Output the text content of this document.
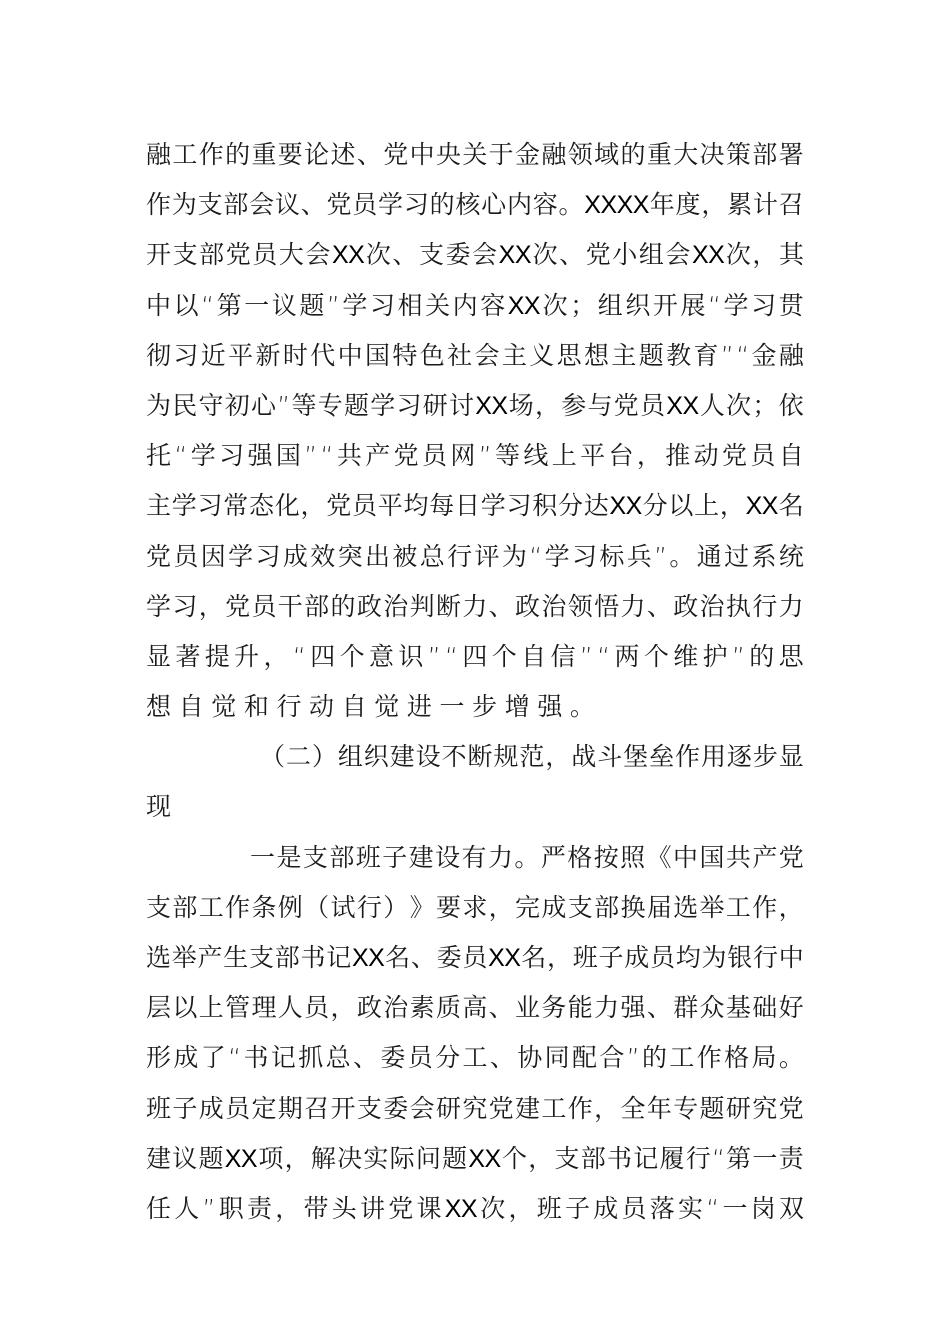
融 工 作 的 重 要 论 述 、 党 中 央 关 于 金 融 领 域 的 重 大 决 策 部 署
作 为 支 部 会 议 、 党 员 学 习 的 核 心 内 容 。 XXXX 年 度 ， 累 计 召
开 支 部 党 员 大 会 XX 次 、 支 委 会 XX 次 、 党 小 组 会 XX 次 ， 其
中 以 “ 第 一 议 题 ” 学 习 相 关 内 容 XX 次 ； 组 织 开 展 “ 学 习 贯
彻 习 近 平 新 时 代 中 国 特 色 社 会 主 义 思 想 主 题 教 育 ” “ 金 融
为 民 守 初 心 ” 等 专 题 学 习 研 讨 XX 场 ， 参 与 党 员 XX 人 次 ； 依
托 “ 学 习 强 国 ” “ 共 产 党 员 网 ” 等 线 上 平 台 ， 推 动 党 员 自
主 学 习 常 态 化 ， 党 员 平 均 每 日 学 习 积 分 达 XX 分 以 上 ， XX 名
党 员 因 学 习 成 效 突 出 被 总 行 评 为 “ 学 习 标 兵 ” 。 通 过 系 统
学 习 ， 党 员 干 部 的 政 治 判 断 力 、 政 治 领 悟 力 、 政 治 执 行 力
显 著 提 升 ， “ 四 个 意 识 ” “ 四 个 自 信 ” “ 两 个 维 护 ” 的 思
想 自 觉 和 行 动 自 觉 进 一 步 增 强 。
（ 二 ） 组 织 建 设 不 断 规 范 ， 战 斗 堡 垒 作 用 逐 步 显
现
一 是 支 部 班 子 建 设 有 力 。 严 格 按 照 《 中 国 共 产 党
支 部 工 作 条 例 （ 试 行 ） 》 要 求 ， 完 成 支 部 换 届 选 举 工 作 ，
选 举 产 生 支 部 书 记 XX 名 、 委 员 XX 名 ， 班 子 成 员 均 为 银 行 中
层 以 上 管 理 人 员 ， 政 治 素 质 高 、 业 务 能 力 强 、 群 众 基 础 好
形 成 了 “ 书 记 抓 总 、 委 员 分 工 、 协 同 配 合 ” 的 工 作 格 局 。
班 子 成 员 定 期 召 开 支 委 会 研 究 党 建 工 作 ， 全 年 专 题 研 究 党
建 议 题 XX 项 ， 解 决 实 际 问 题 XX 个 ， 支 部 书 记 履 行 “ 第 一 责
任 人 ” 职 责 ， 带 头 讲 党 课 XX 次 ， 班 子 成 员 落 实 “ 一 岗 双
